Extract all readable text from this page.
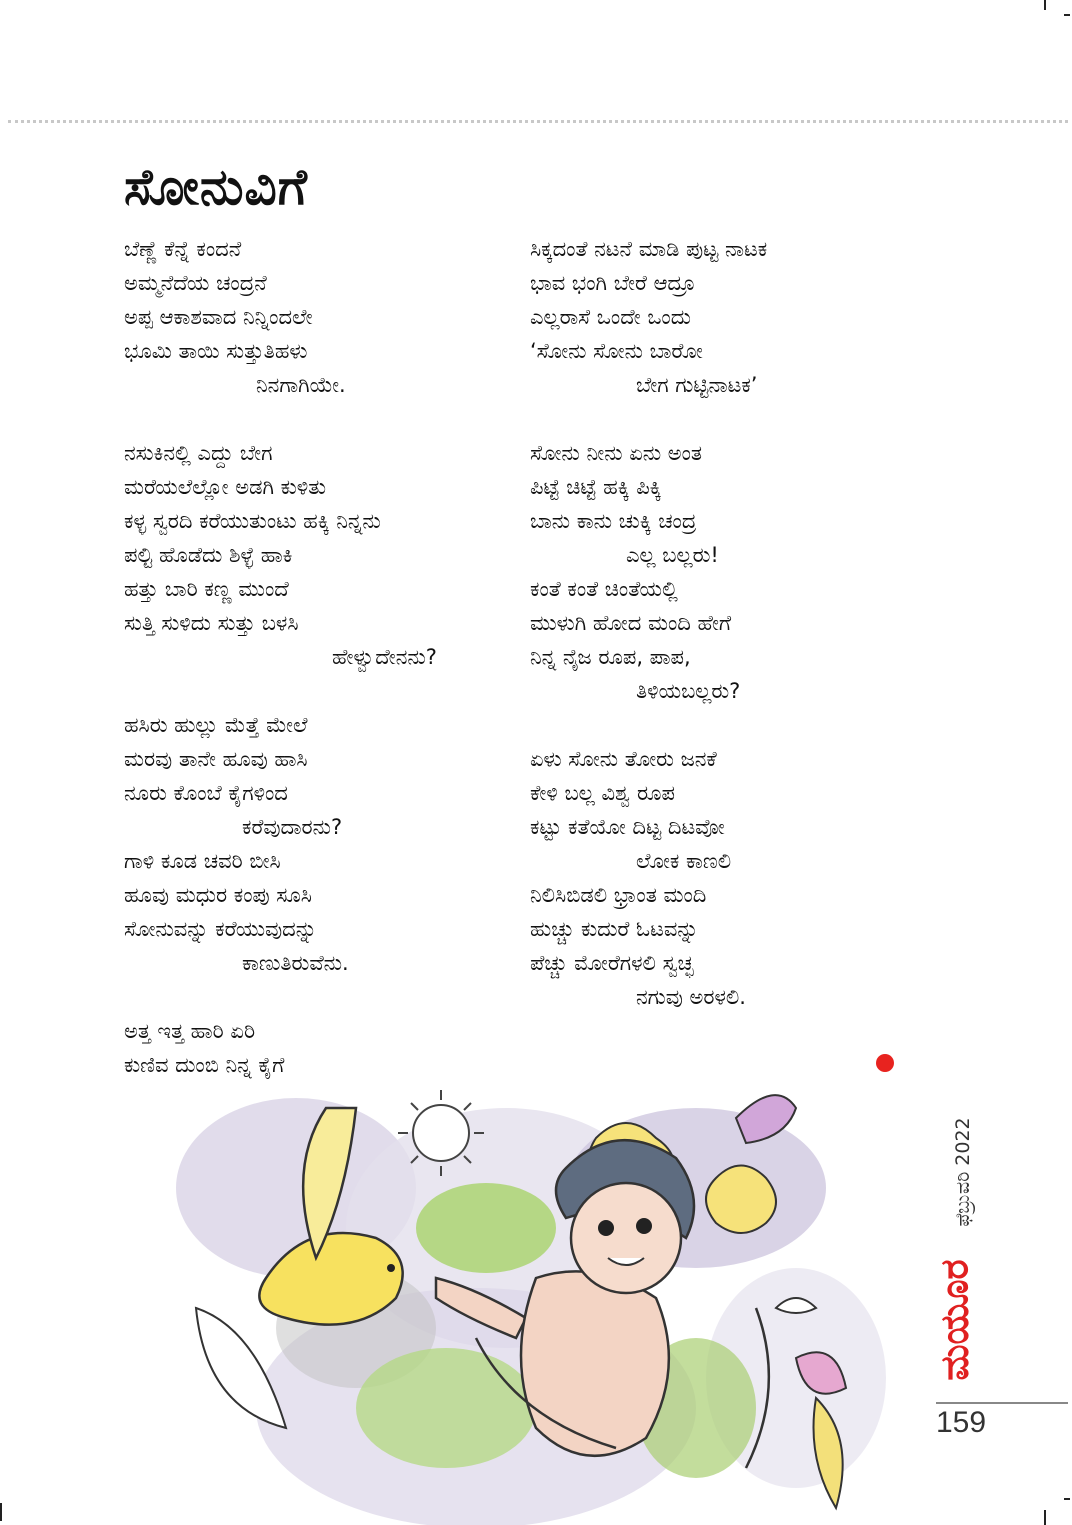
ಸೋನುವಿಗೆ
ಬೆಣ್ಣೆ ಕೆನ್ನೆ ಕಂದನೆ
ಅಮ್ಮನೆದೆಯ ಚಂದ್ರನೆ
ಅಪ್ಪ ಆಕಾಶವಾದ ನಿನ್ನಿಂದಲೇ
ಭೂಮಿ ತಾಯಿ ಸುತ್ತುತಿಹಳು
ನಿನಗಾಗಿಯೇ.
ನಸುಕಿನಲ್ಲಿ ಎದ್ದು ಬೇಗ
ಮರೆಯಲೆಲ್ಲೋ ಅಡಗಿ ಕುಳಿತು
ಕಳ್ಳ ಸ್ವರದಿ ಕರೆಯುತುಂಟು ಹಕ್ಕಿ ನಿನ್ನನು
ಪಲ್ಟಿ ಹೊಡೆದು ಶಿಳ್ಳೆ ಹಾಕಿ
ಹತ್ತು ಬಾರಿ ಕಣ್ಣ ಮುಂದೆ
ಸುತ್ತಿ ಸುಳಿದು ಸುತ್ತು ಬಳಸಿ
ಹೇಳ್ವುದೇನನು?
ಹಸಿರು ಹುಲ್ಲು ಮೆತ್ತೆ ಮೇಲೆ
ಮರವು ತಾನೇ ಹೂವು ಹಾಸಿ
ನೂರು ಕೊಂಬೆ ಕೈಗಳಿಂದ
ಕರೆವುದಾರನು?
ಗಾಳಿ ಕೂಡ ಚವರಿ ಬೀಸಿ
ಹೂವು ಮಧುರ ಕಂಪು ಸೂಸಿ
ಸೋನುವನ್ನು ಕರೆಯುವುದನ್ನು
ಕಾಣುತಿರುವೆನು.
ಅತ್ತ ಇತ್ತ ಹಾರಿ ಏರಿ
ಕುಣಿವ ದುಂಬಿ ನಿನ್ನ ಕೈಗೆ
ಸಿಕ್ಕದಂತೆ ನಟನೆ ಮಾಡಿ ಪುಟ್ಟ ನಾಟಕ
ಭಾವ ಭಂಗಿ ಬೇರೆ ಆದ್ರೂ
ಎಲ್ಲರಾಸೆ ಒಂದೇ ಒಂದು
‘ಸೋನು ಸೋನು ಬಾರೋ
ಬೇಗ ಗುಟ್ಟಿನಾಟಕ’
ಸೋನು ನೀನು ಏನು ಅಂತ
ಪಿಟ್ಟೆ ಚಿಟ್ಟೆ ಹಕ್ಕಿ ಪಿಕ್ಕಿ
ಬಾನು ಕಾನು ಚುಕ್ಕಿ ಚಂದ್ರ
ಎಲ್ಲ ಬಲ್ಲರು!
ಕಂತೆ ಕಂತೆ ಚಿಂತೆಯಲ್ಲಿ
ಮುಳುಗಿ ಹೋದ ಮಂದಿ ಹೇಗೆ
ನಿನ್ನ ನೈಜ ರೂಪ, ಪಾಪ,
ತಿಳಿಯಬಲ್ಲರು?
ಏಳು ಸೋನು ತೋರು ಜನಕೆ
ಕೇಳಿ ಬಲ್ಲ ವಿಶ್ವ ರೂಪ
ಕಟ್ಟು ಕತೆಯೋ ದಿಟ್ಟ ದಿಟವೋ
ಲೋಕ ಕಾಣಲಿ
ನಿಲಿಸಿಬಿಡಲಿ ಭ್ರಾಂತ ಮಂದಿ
ಹುಚ್ಚು ಕುದುರೆ ಓಟವನ್ನು
ಪೆಚ್ಚು ಮೋರೆಗಳಲಿ ಸ್ವಚ್ಛ
ನಗುವು ಅರಳಲಿ.
ಫೆಬ್ರುವರಿ 2022
ಮಯೂರ
159
